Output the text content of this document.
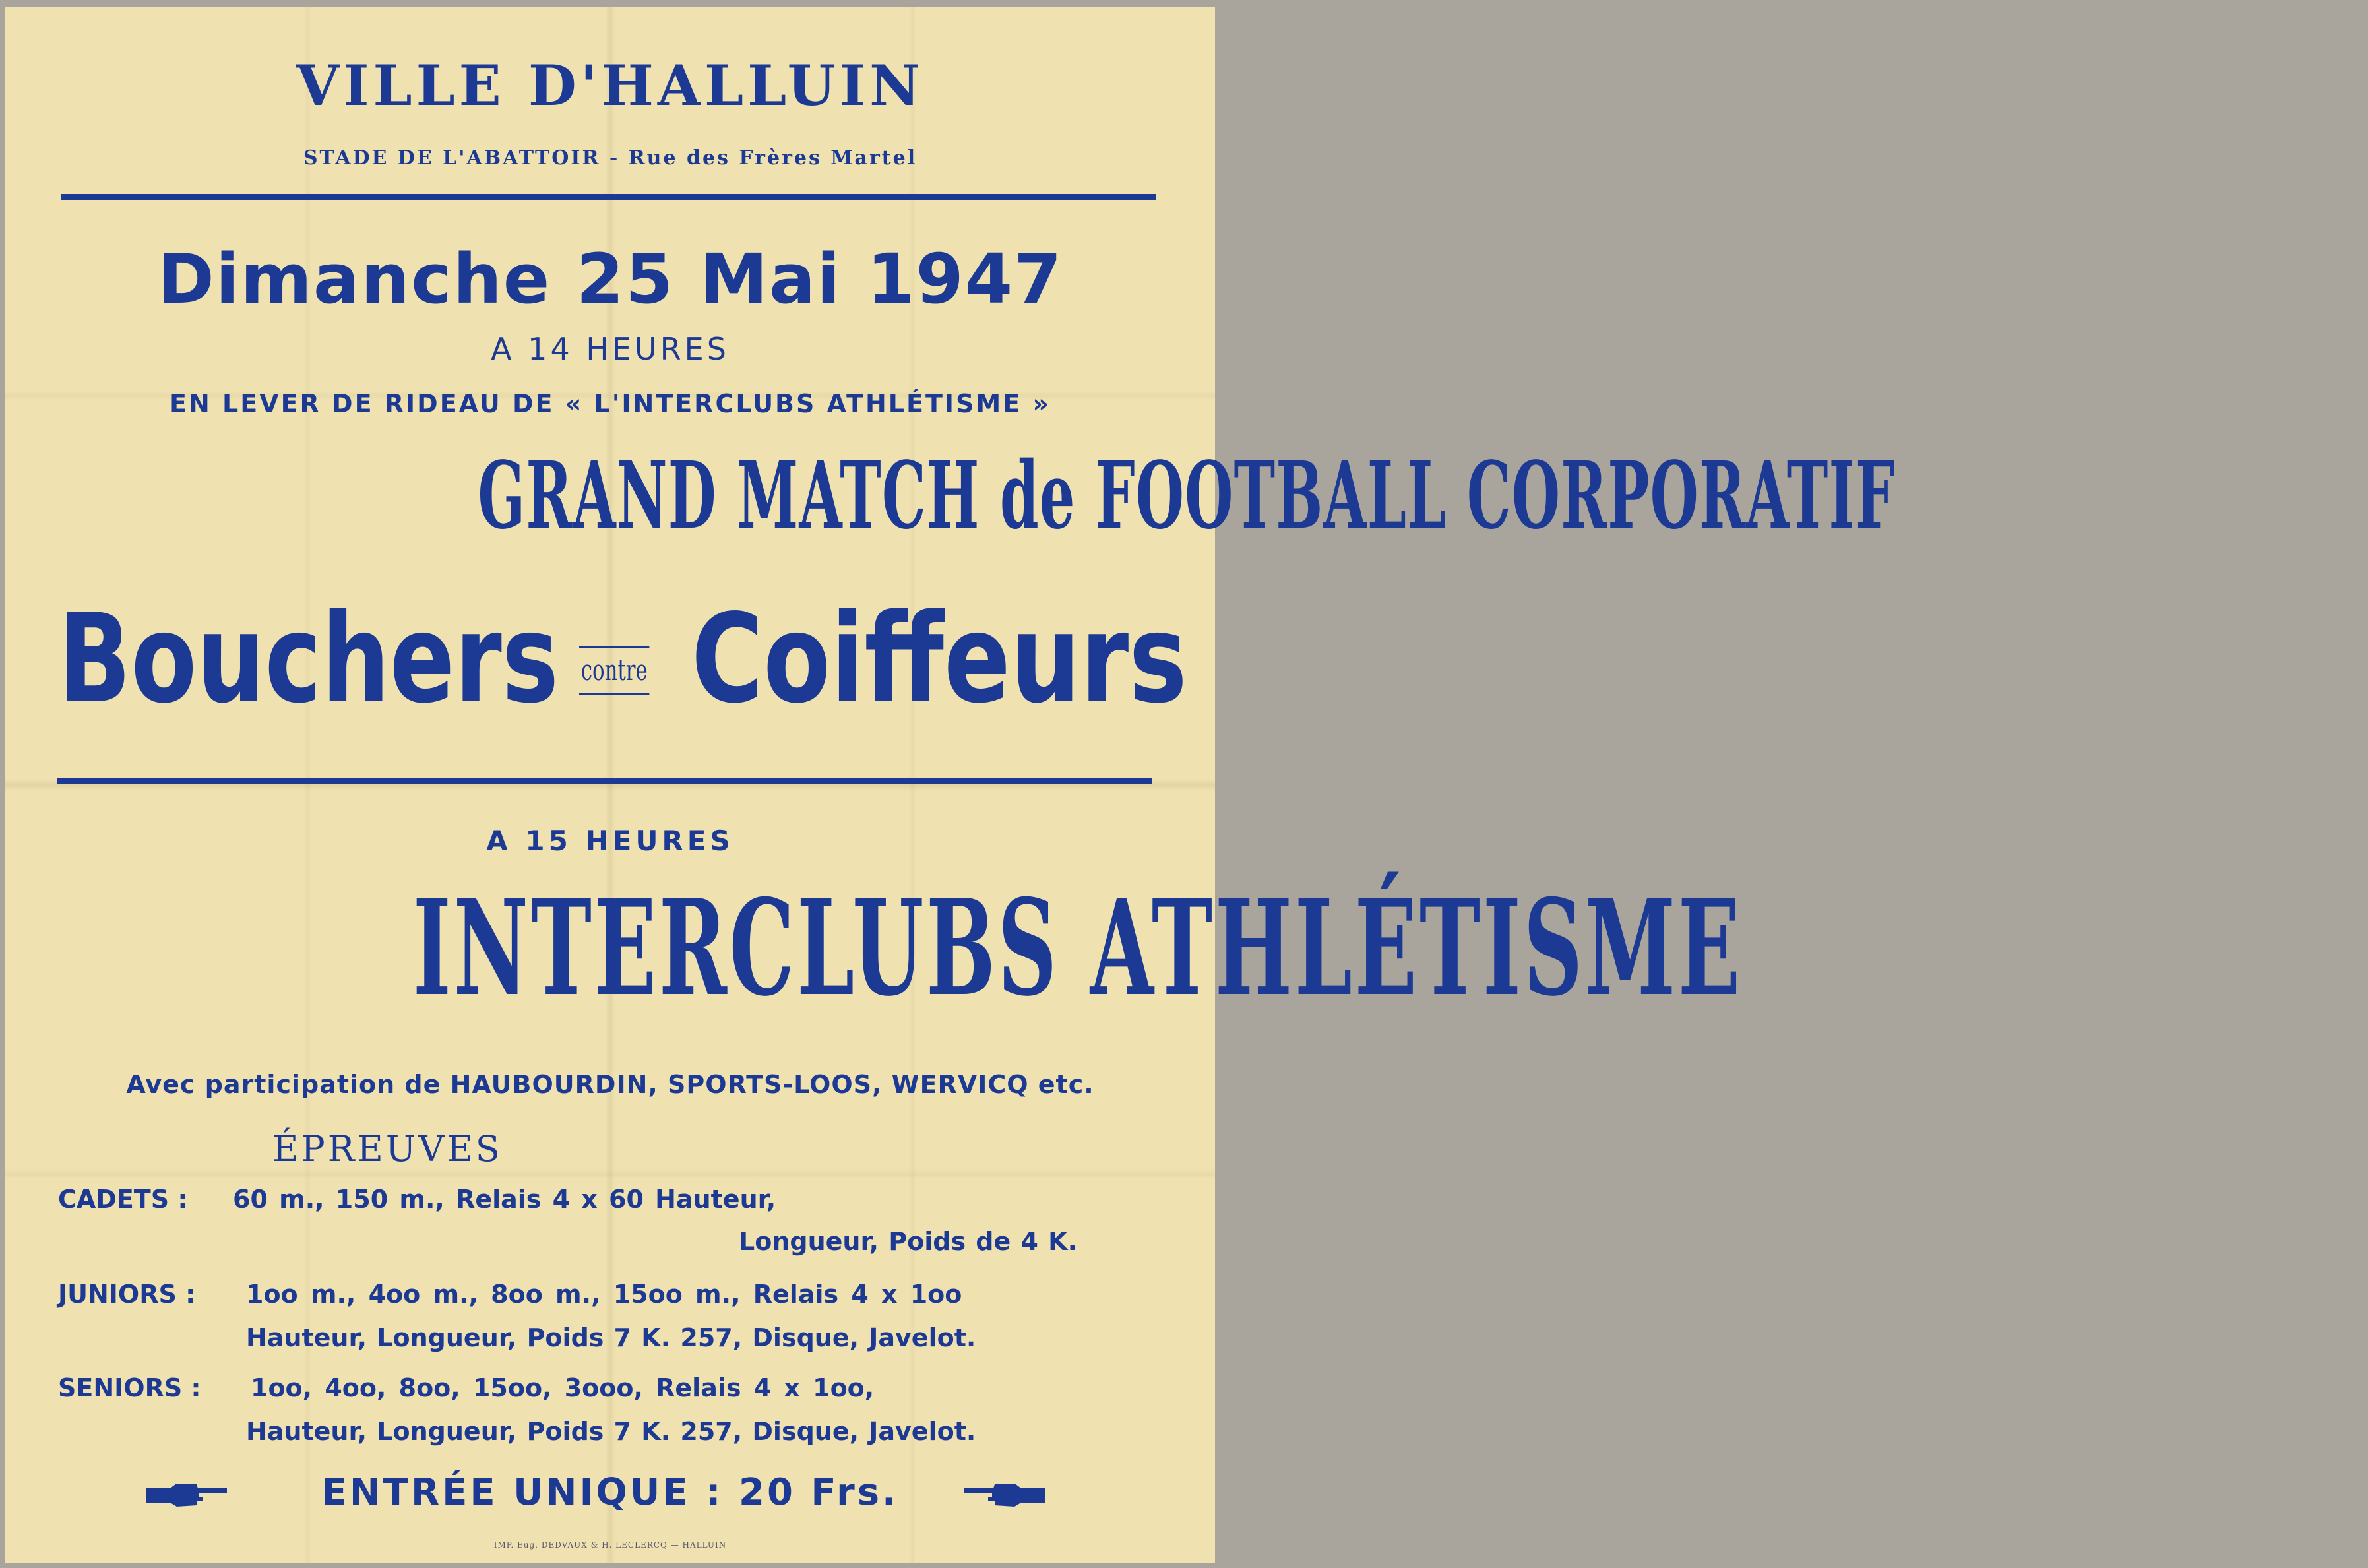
VILLE D'HALLUIN
STADE DE L'ABATTOIR - Rue des Frères Martel
Dimanche 25 Mai 1947
A 14 HEURES
EN LEVER DE RIDEAU DE « L'INTERCLUBS ATHLÉTISME »
GRAND MATCH de FOOTBALL CORPORATIF
Bouchers contre Coiffeurs
A 15 HEURES
INTERCLUBS ATHLÉTISME
Avec participation de HAUBOURDIN, SPORTS-LOOS, WERVICQ etc.
ÉPREUVES
CADETS : 60 m., 150 m., Relais 4 x 60 Hauteur,
Longueur, Poids de 4 K.
JUNIORS : 1oo m., 4oo m., 8oo m., 15oo m., Relais 4 x 1oo
Hauteur, Longueur, Poids 7 K. 257, Disque, Javelot.
SENIORS : 1oo, 4oo, 8oo, 15oo, 3ooo, Relais 4 x 1oo,
Hauteur, Longueur, Poids 7 K. 257, Disque, Javelot.
ENTRÉE UNIQUE : 20 Frs.
IMP. Eug. DEDVAUX & H. LECLERCQ — HALLUIN
